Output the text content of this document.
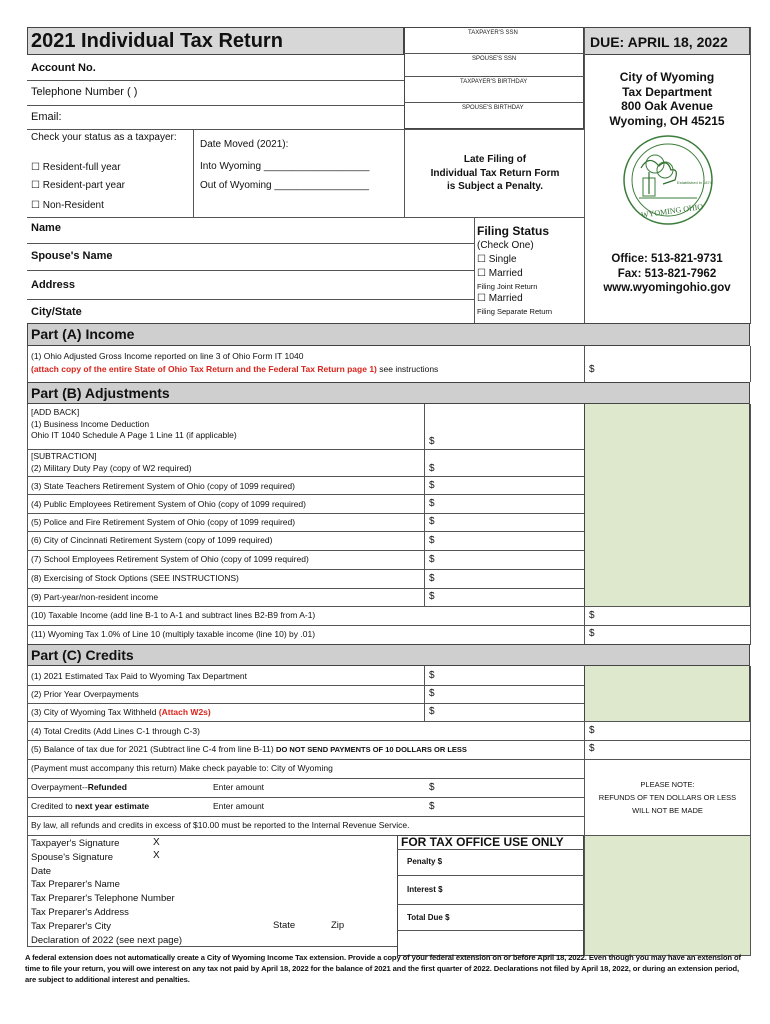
2021 Individual Tax Return
Account No.
Telephone Number ( )
Email:
TAXPAYER'S SSN
SPOUSE'S SSN
TAXPAYER'S BIRTHDAY
SPOUSE'S BIRTHDAY
DUE: APRIL 18, 2022
City of Wyoming
Tax Department
800 Oak Avenue
Wyoming, OH 45215
Established in 1874
WYOMING OHIO
Check your status as a taxpayer:
☐ Resident-full year
☐ Resident-part year
☐ Non-Resident
Date Moved (2021):
Into Wyoming ___________________
Out of Wyoming _________________
Late Filing of
Individual Tax Return Form
is Subject a Penalty.
Name
Spouse's Name
Address
City/State
Filing Status
(Check One)
☐ Single
☐ Married
Filing Joint Return
☐ Married
Filing Separate Return
Office: 513-821-9731
Fax: 513-821-7962
www.wyomingohio.gov
Part (A) Income
(1) Ohio Adjusted Gross Income reported on line 3 of Ohio Form IT 1040
(attach copy of the entire State of Ohio Tax Return and the Federal Tax Return page 1) see instructions	$
Part (B) Adjustments
[ADD BACK]
(1) Business Income Deduction
Ohio IT 1040 Schedule A Page 1 Line 11 (if applicable)
$
[SUBTRACTION]
(2) Military Duty Pay (copy of W2 required)	$
(3) State Teachers Retirement System of Ohio (copy of 1099 required)	$
(4) Public Employees Retirement System of Ohio (copy of 1099 required)	$
(5) Police and Fire Retirement System of Ohio (copy of 1099 required)	$
(6) City of Cincinnati Retirement System (copy of 1099 required)	$
(7) School Employees Retirement System of Ohio (copy of 1099 required)	$
(8) Exercising of Stock Options (SEE INSTRUCTIONS)	$
(9) Part-year/non-resident income	$
(10) Taxable Income (add line B-1 to A-1 and subtract lines B2-B9 from A-1)	$
(11) Wyoming Tax 1.0% of Line 10 (multiply taxable income (line 10) by .01)	$
Part (C) Credits
(1) 2021 Estimated Tax Paid to Wyoming Tax Department	$
(2) Prior Year Overpayments	$
(3) City of Wyoming Tax Withheld (Attach W2s)	$
(4) Total Credits (Add Lines C-1 through C-3)	$
(5) Balance of tax due for 2021 (Subtract line C-4 from line B-11) DO NOT SEND PAYMENTS OF 10 DOLLARS OR LESS	$
(Payment must accompany this return) Make check payable to: City of Wyoming
Overpayment--Refunded	Enter amount	$
Credited to next year estimate	Enter amount	$
PLEASE NOTE:
REFUNDS OF TEN DOLLARS OR LESS
WILL NOT BE MADE
By law, all refunds and credits in excess of $10.00 must be reported to the Internal Revenue Service.
Taxpayer's Signature
Spouse's Signature
Date
Tax Preparer's Name
Tax Preparer's Telephone Number
Tax Preparer's Address
Tax Preparer's City
Declaration of 2022 (see next page)
X
X
State	Zip
FOR TAX OFFICE USE ONLY
Penalty $
Interest $
Total Due $
A federal extension does not automatically create a City of Wyoming Income Tax extension. Provide a copy of your federal extension on or before April 18, 2022. Even though you may have an extension of time to file your return, you will owe interest on any tax not paid by April 18, 2022 for the balance of 2021 and the first quarter of 2022. Declarations not filed by April 18, 2022, or during an extension period, are subject to additional interest and penalties.
